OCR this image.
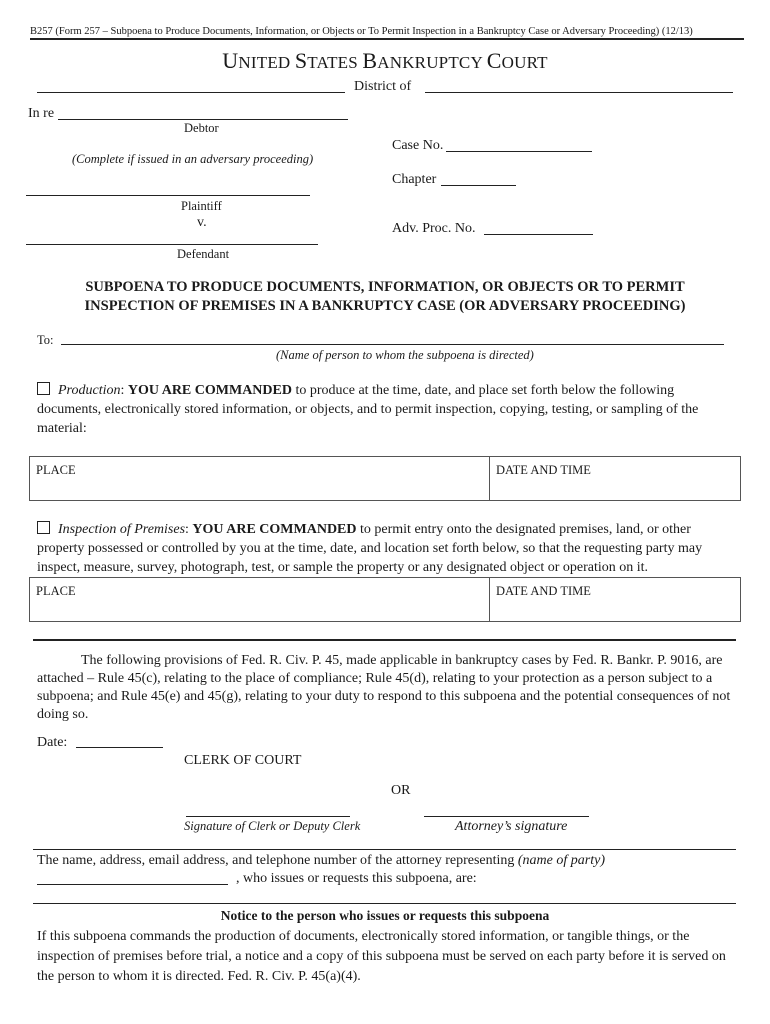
B257 (Form 257 – Subpoena to Produce Documents, Information, or Objects or To Permit Inspection in a Bankruptcy Case or Adversary Proceeding) (12/13)
UNITED STATES BANKRUPTCY COURT
District of
In re
Debtor
(Complete if issued in an adversary proceeding)
Case No.
Chapter
Plaintiff
v.	Adv. Proc. No.
Defendant
SUBPOENA TO PRODUCE DOCUMENTS, INFORMATION, OR OBJECTS OR TO PERMIT
INSPECTION OF PREMISES IN A BANKRUPTCY CASE (OR ADVERSARY PROCEEDING)
To:
(Name of person to whom the subpoena is directed)
Production: YOU ARE COMMANDED to produce at the time, date, and place set forth below the following documents, electronically stored information, or objects, and to permit inspection, copying, testing, or sampling of the material:
PLACE	DATE AND TIME
Inspection of Premises: YOU ARE COMMANDED to permit entry onto the designated premises, land, or other property possessed or controlled by you at the time, date, and location set forth below, so that the requesting party may inspect, measure, survey, photograph, test, or sample the property or any designated object or operation on it.
PLACE	DATE AND TIME
The following provisions of Fed. R. Civ. P. 45, made applicable in bankruptcy cases by Fed. R. Bankr. P. 9016, are attached – Rule 45(c), relating to the place of compliance; Rule 45(d), relating to your protection as a person subject to a subpoena; and Rule 45(e) and 45(g), relating to your duty to respond to this subpoena and the potential consequences of not doing so.
Date:
CLERK OF COURT
OR
Signature of Clerk or Deputy Clerk	Attorney’s signature
The name, address, email address, and telephone number of the attorney representing (name of party)
, who issues or requests this subpoena, are:
Notice to the person who issues or requests this subpoena
If this subpoena commands the production of documents, electronically stored information, or tangible things, or the inspection of premises before trial, a notice and a copy of this subpoena must be served on each party before it is served on the person to whom it is directed. Fed. R. Civ. P. 45(a)(4).
